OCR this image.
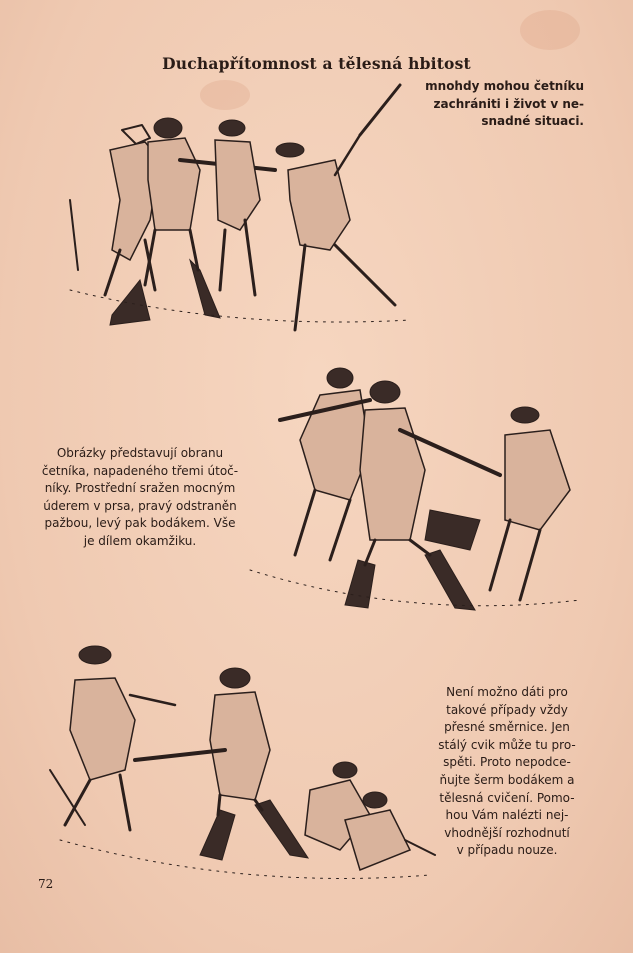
Duchapřítomnost a tělesná hbitost
mnohdy mohou četníku
zachrániti i život v ne-
snadné situaci.
Obrázky představují obranu
četníka, napadeného třemi útoč-
níky. Prostřední sražen mocným
úderem v prsa, pravý odstraněn
pažbou, levý pak bodákem. Vše
je dílem okamžiku.
Není možno dáti pro
takové případy vždy
přesné směrnice. Jen
stálý cvik může tu pro-
spěti. Proto nepodce-
ňujte šerm bodákem a
tělesná cvičení. Pomo-
hou Vám nalézti nej-
vhodnější rozhodnutí
v případu nouze.
72
